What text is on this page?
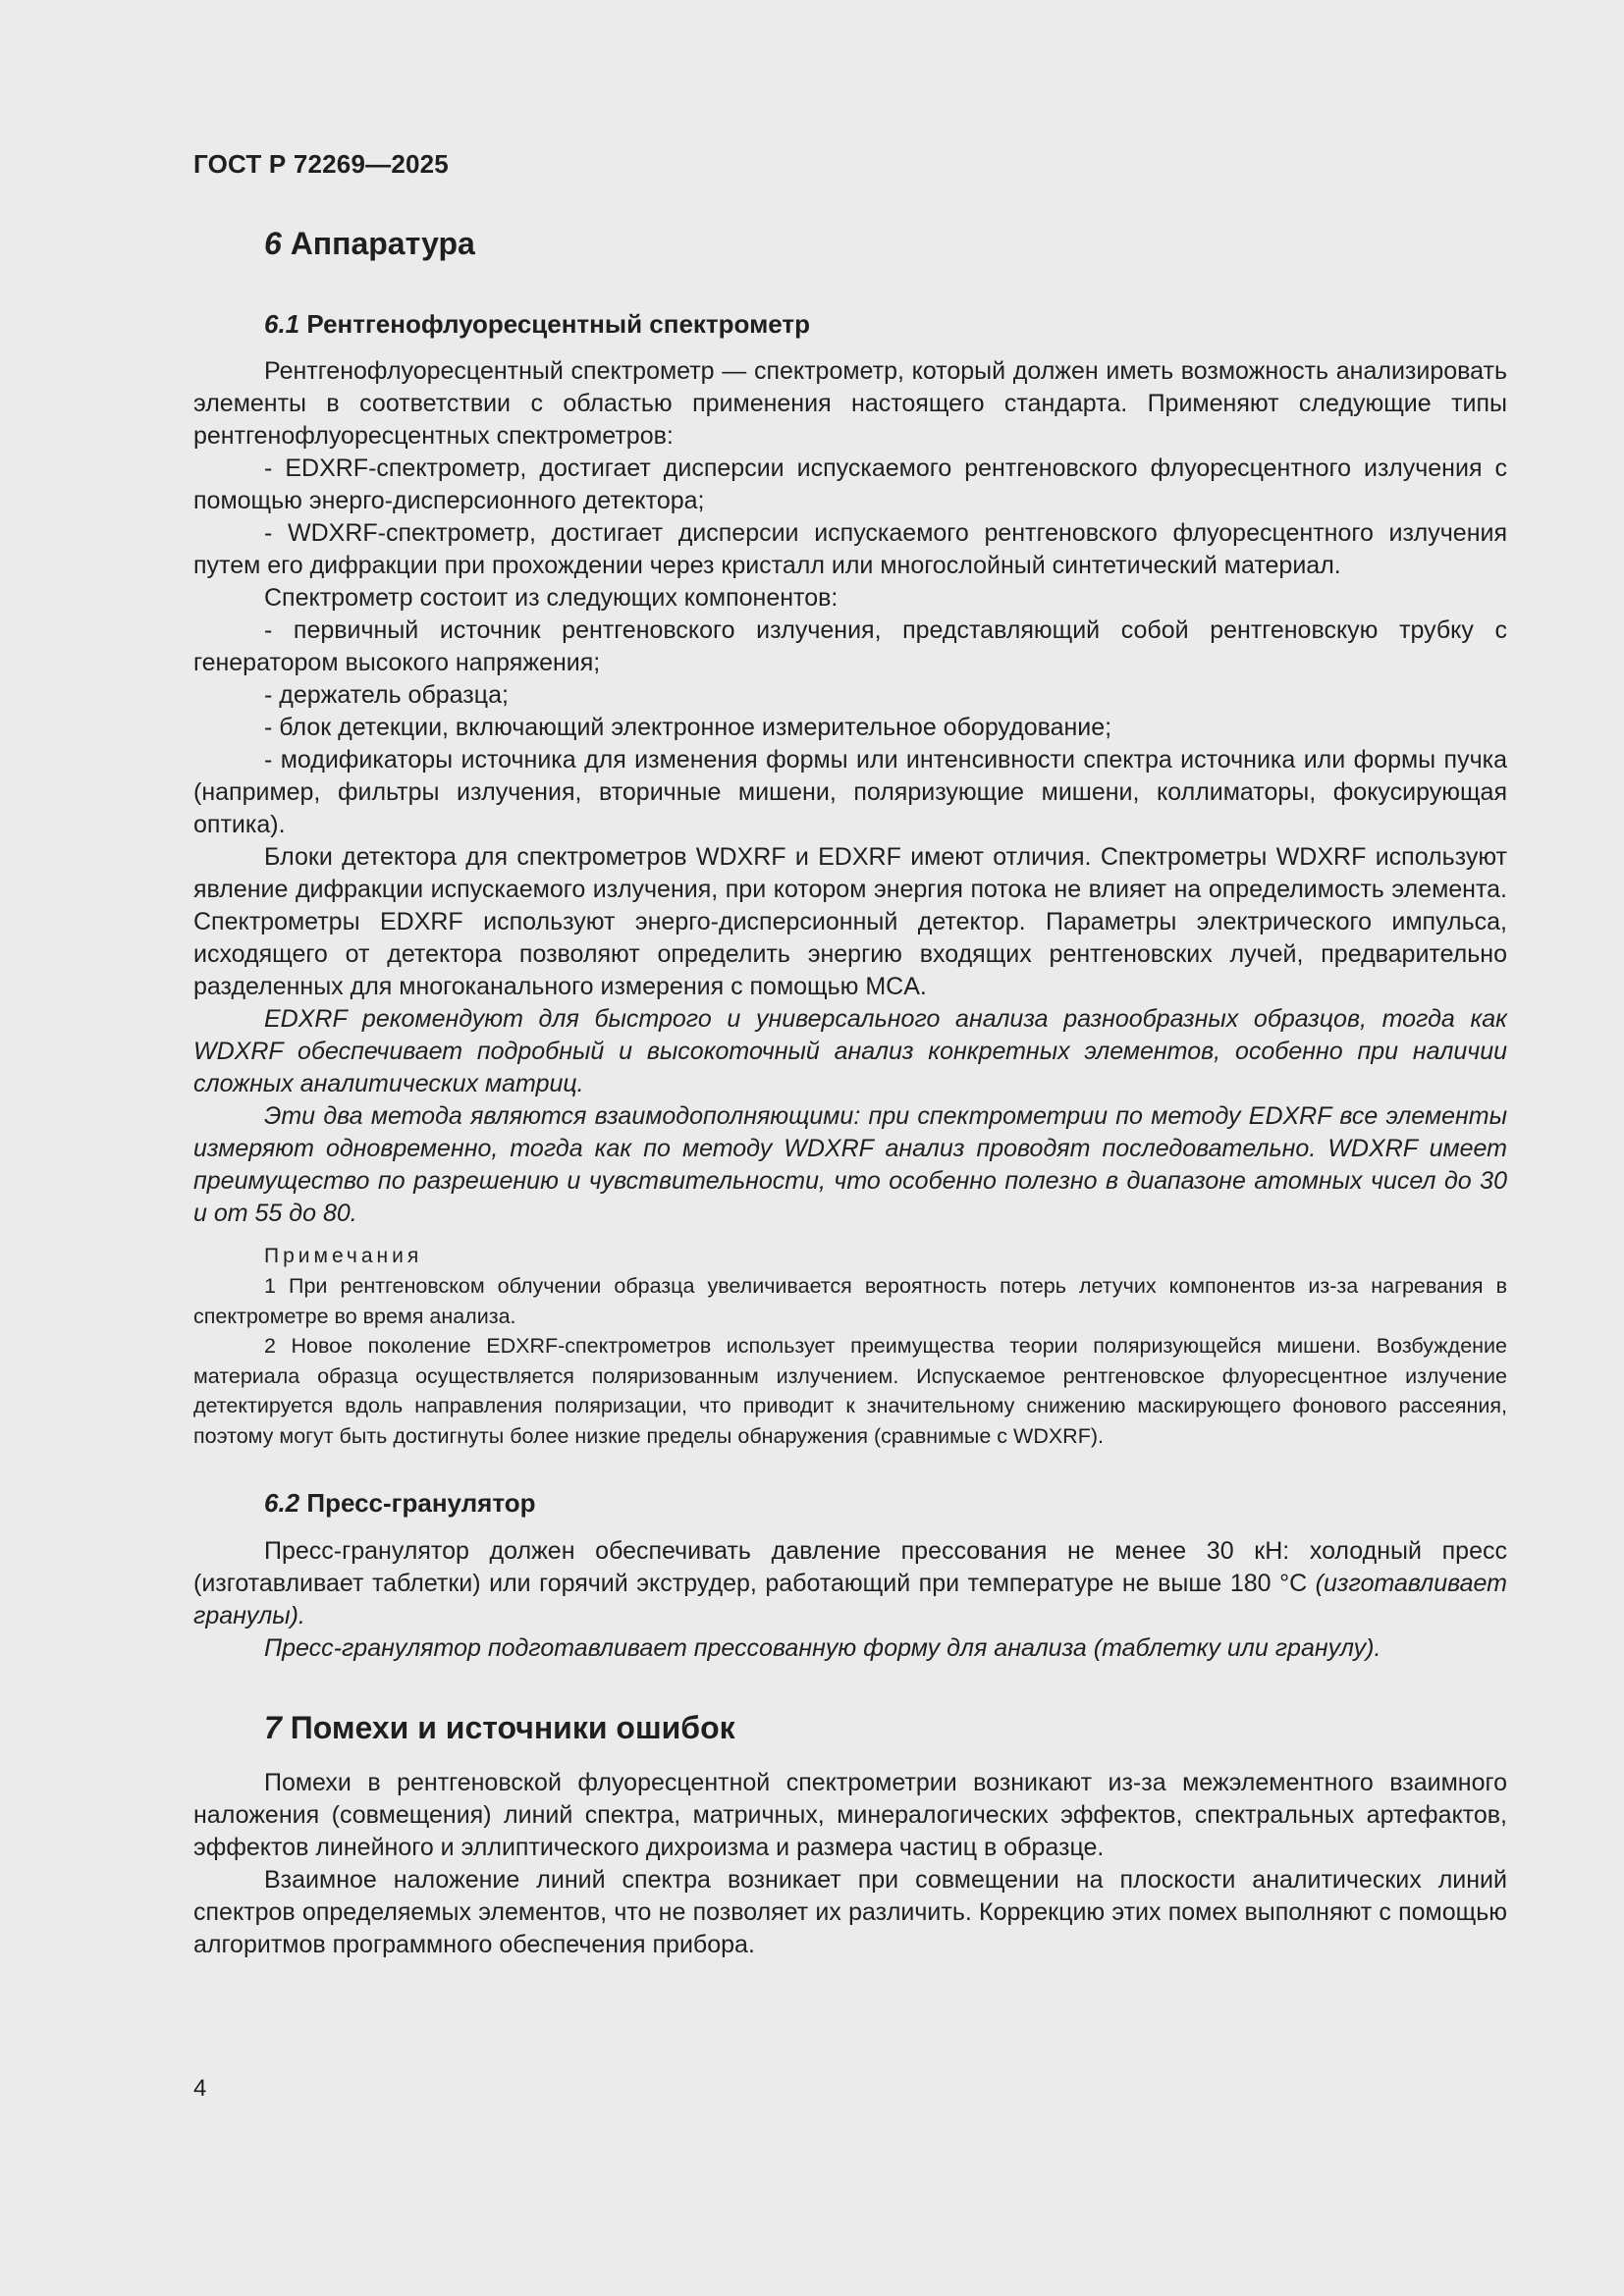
ГОСТ Р 72269—2025
6 Аппаратура
6.1 Рентгенофлуоресцентный спектрометр

Рентгенофлуоресцентный спектрометр — спектрометр, который должен иметь возможность анализировать элементы в соответствии с областью применения настоящего стандарта. Применяют следующие типы рентгенофлуоресцентных спектрометров:

- EDXRF-спектрометр, достигает дисперсии испускаемого рентгеновского флуоресцентного излучения с помощью энерго-дисперсионного детектора;

- WDXRF-спектрометр, достигает дисперсии испускаемого рентгеновского флуоресцентного излучения путем его дифракции при прохождении через кристалл или многослойный синтетический материал.

Спектрометр состоит из следующих компонентов:

- первичный источник рентгеновского излучения, представляющий собой рентгеновскую трубку с генератором высокого напряжения;

- держатель образца;

- блок детекции, включающий электронное измерительное оборудование;

- модификаторы источника для изменения формы или интенсивности спектра источника или формы пучка (например, фильтры излучения, вторичные мишени, поляризующие мишени, коллиматоры, фокусирующая оптика).

Блоки детектора для спектрометров WDXRF и EDXRF имеют отличия. Спектрометры WDXRF используют явление дифракции испускаемого излучения, при котором энергия потока не влияет на определимость элемента. Спектрометры EDXRF используют энерго-дисперсионный детектор. Параметры электрического импульса, исходящего от детектора позволяют определить энергию входящих рентгеновских лучей, предварительно разделенных для многоканального измерения с помощью MCA.

EDXRF рекомендуют для быстрого и универсального анализа разнообразных образцов, тогда как WDXRF обеспечивает подробный и высокоточный анализ конкретных элементов, особенно при наличии сложных аналитических матриц.

Эти два метода являются взаимодополняющими: при спектрометрии по методу EDXRF все элементы измеряют одновременно, тогда как по методу WDXRF анализ проводят последовательно. WDXRF имеет преимущество по разрешению и чувствительности, что особенно полезно в диапазоне атомных чисел до 30 и от 55 до 80.

Примечания

1 При рентгеновском облучении образца увеличивается вероятность потерь летучих компонентов из-за нагревания в спектрометре во время анализа.

2 Новое поколение EDXRF-спектрометров использует преимущества теории поляризующейся мишени. Возбуждение материала образца осуществляется поляризованным излучением. Испускаемое рентгеновское флуоресцентное излучение детектируется вдоль направления поляризации, что приводит к значительному снижению маскирующего фонового рассеяния, поэтому могут быть достигнуты более низкие пределы обнаружения (сравнимые с WDXRF).

6.2 Пресс-гранулятор

Пресс-гранулятор должен обеспечивать давление прессования не менее 30 кН: холодный пресс (изготавливает таблетки) или горячий экструдер, работающий при температуре не выше 180 °С (изготавливает гранулы).

Пресс-гранулятор подготавливает прессованную форму для анализа (таблетку или гранулу).

7 Помехи и источники ошибок

Помехи в рентгеновской флуоресцентной спектрометрии возникают из-за межэлементного взаимного наложения (совмещения) линий спектра, матричных, минералогических эффектов, спектральных артефактов, эффектов линейного и эллиптического дихроизма и размера частиц в образце.

Взаимное наложение линий спектра возникает при совмещении на плоскости аналитических линий спектров определяемых элементов, что не позволяет их различить. Коррекцию этих помех выполняют с помощью алгоритмов программного обеспечения прибора.

4
